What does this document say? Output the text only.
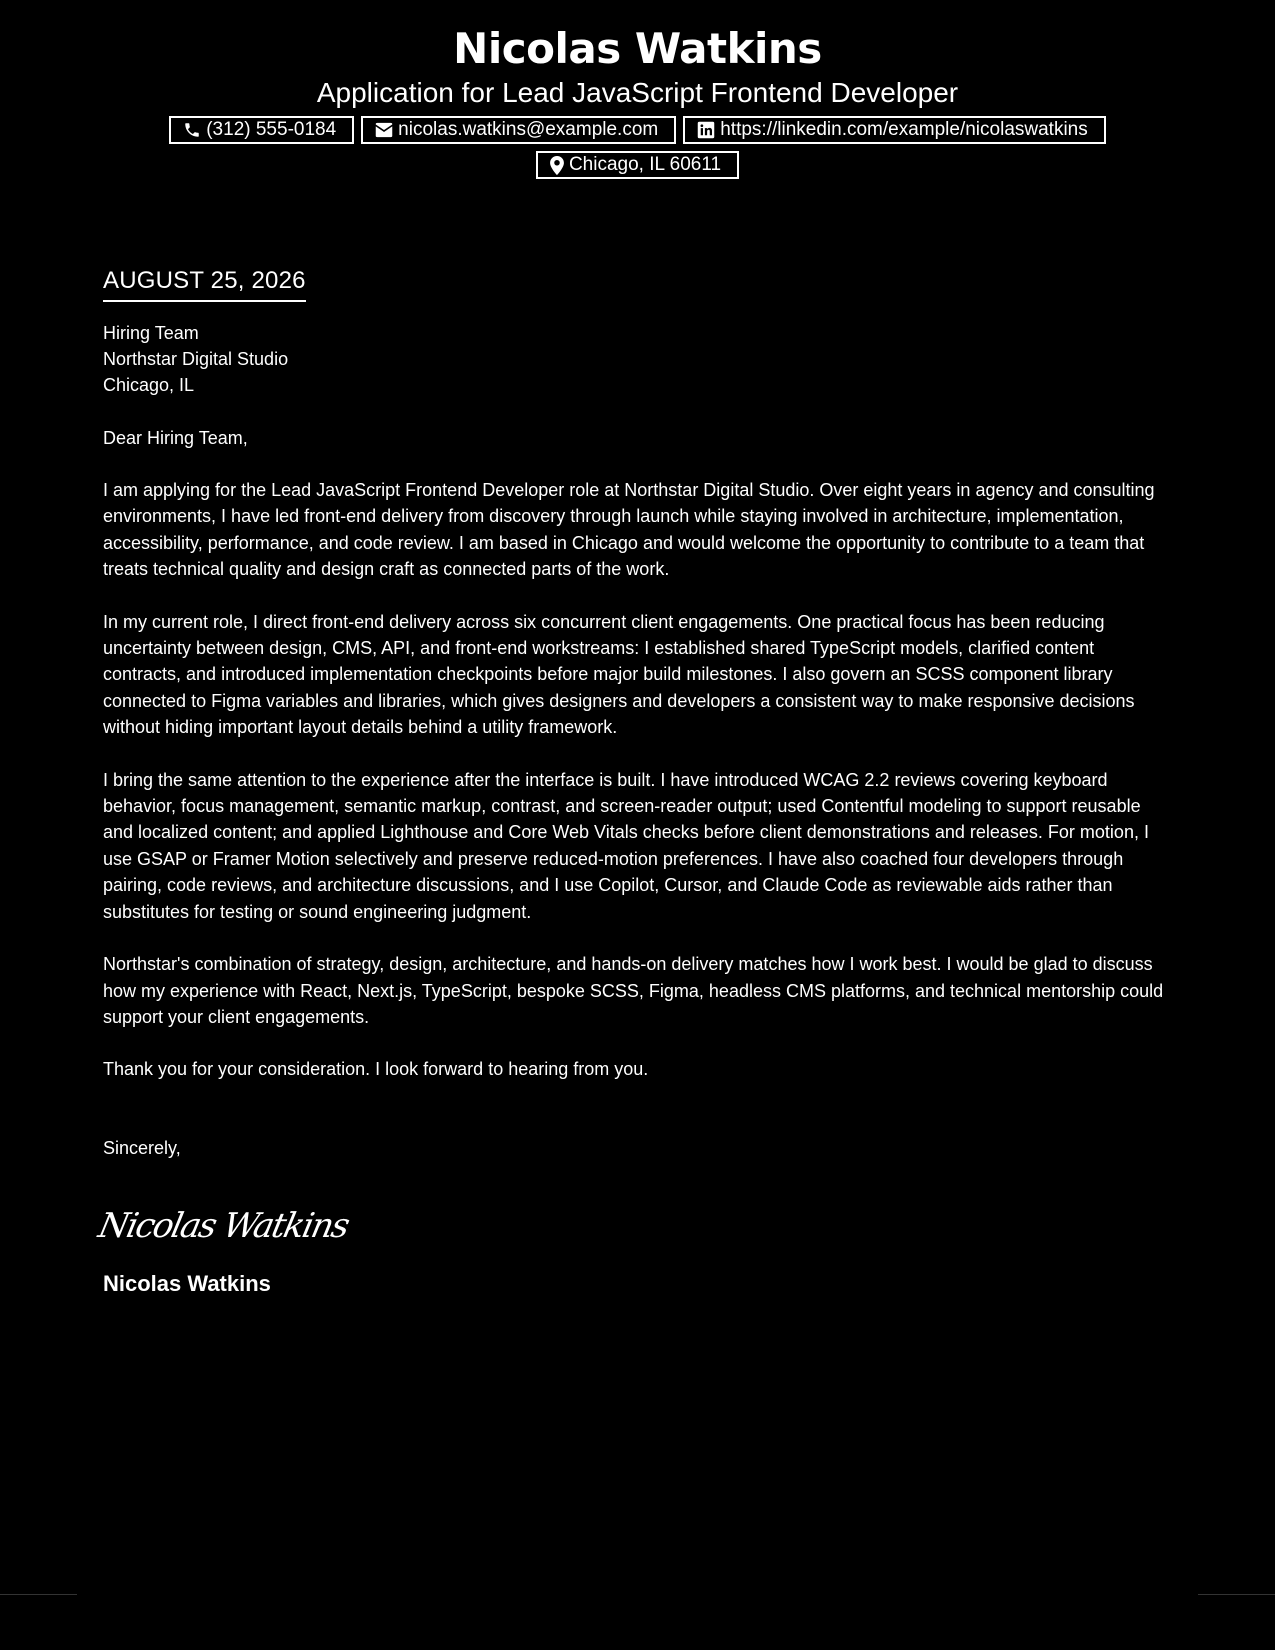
Nicolas Watkins

Application for Lead JavaScript Frontend Developer

(312) 555-0184	nicolas.watkins@example.com	https://linkedin.com/example/nicolaswatkins
Chicago, IL 60611
AUGUST 25, 2026

Hiring Team

Northstar Digital Studio

Chicago, IL

Dear Hiring Team,

I am applying for the Lead JavaScript Frontend Developer role at Northstar Digital Studio. Over eight years in agency and consulting environments, I have led front-end delivery from discovery through launch while staying involved in architecture, implementation, accessibility, performance, and code review. I am based in Chicago and would welcome the opportunity to contribute to a team that treats technical quality and design craft as connected parts of the work.

In my current role, I direct front-end delivery across six concurrent client engagements. One practical focus has been reducing uncertainty between design, CMS, API, and front-end workstreams: I established shared TypeScript models, clarified content contracts, and introduced implementation checkpoints before major build milestones. I also govern an SCSS component library connected to Figma variables and libraries, which gives designers and developers a consistent way to make responsive decisions without hiding important layout details behind a utility framework.

I bring the same attention to the experience after the interface is built. I have introduced WCAG 2.2 reviews covering keyboard behavior, focus management, semantic markup, contrast, and screen-reader output; used Contentful modeling to support reusable and localized content; and applied Lighthouse and Core Web Vitals checks before client demonstrations and releases. For motion, I use GSAP or Framer Motion selectively and preserve reduced-motion preferences. I have also coached four developers through pairing, code reviews, and architecture discussions, and I use Copilot, Cursor, and Claude Code as reviewable aids rather than substitutes for testing or sound engineering judgment.

Northstar's combination of strategy, design, architecture, and hands-on delivery matches how I work best. I would be glad to discuss how my experience with React, Next.js, TypeScript, bespoke SCSS, Figma, headless CMS platforms, and technical mentorship could support your client engagements.

Thank you for your consideration. I look forward to hearing from you.

Sincerely,

Nicolas Watkins

Nicolas Watkins
